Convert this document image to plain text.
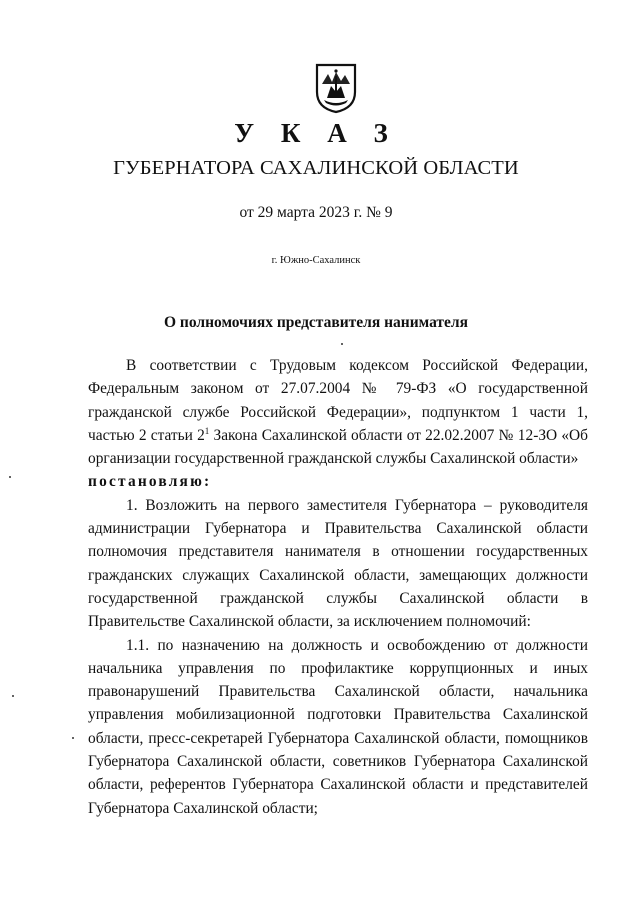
У К А З
ГУБЕРНАТОРА САХАЛИНСКОЙ ОБЛАСТИ
от 29 марта 2023 г. № 9
г. Южно-Сахалинск
О полномочиях представителя нанимателя

В соответствии с Трудовым кодексом Российской Федерации, Федеральным законом от 27.07.2004 № 79-ФЗ «О государственной гражданской службе Российской Федерации», подпунктом 1 части 1, частью 2 статьи $2^1$ Закона Сахалинской области от 22.02.2007 № 12-ЗО «Об организации государственной гражданской службы Сахалинской области»

постановляю:

1. Возложить на первого заместителя Губернатора – руководителя администрации Губернатора и Правительства Сахалинской области полномочия представителя нанимателя в отношении государственных гражданских служащих Сахалинской области, замещающих должности государственной гражданской службы Сахалинской области в Правительстве Сахалинской области, за исключением полномочий:

1.1. по назначению на должность и освобождению от должности начальника управления по профилактике коррупционных и иных правонарушений Правительства Сахалинской области, начальника управления мобилизационной подготовки Правительства Сахалинской области, пресс-секретарей Губернатора Сахалинской области, помощников Губернатора Сахалинской области, советников Губернатора Сахалинской области, референтов Губернатора Сахалинской области и представителей Губернатора Сахалинской области;
